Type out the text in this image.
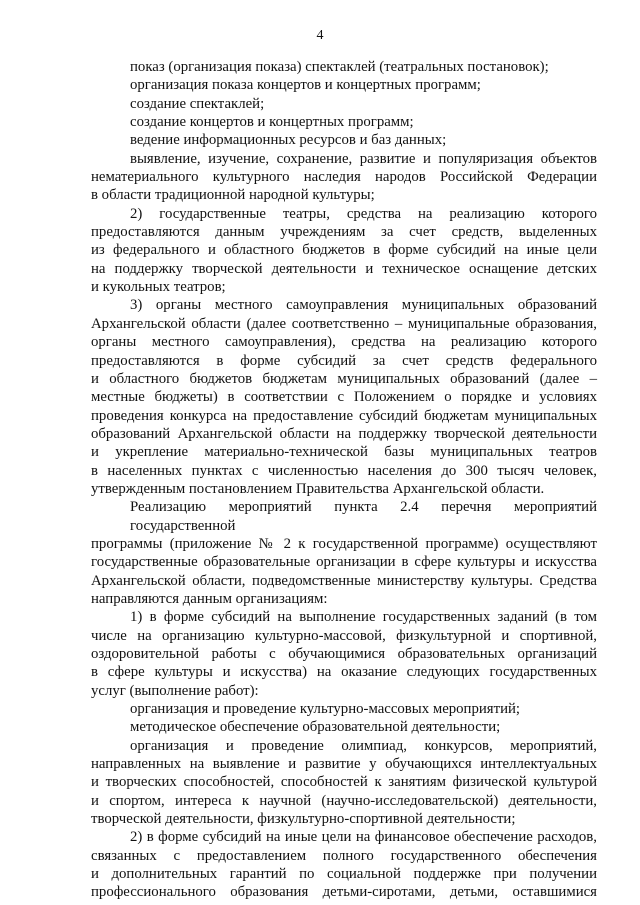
4
показ (организация показа) спектаклей (театральных постановок);
организация показа концертов и концертных программ;
создание спектаклей;
создание концертов и концертных программ;
ведение информационных ресурсов и баз данных;
выявление, изучение, сохранение, развитие и популяризация объектов
нематериального культурного наследия народов Российской Федерации
в области традиционной народной культуры;
2) государственные театры, средства на реализацию которого
предоставляются данным учреждениям за счет средств, выделенных
из федерального и областного бюджетов в форме субсидий на иные цели
на поддержку творческой деятельности и техническое оснащение детских
и кукольных театров;
3) органы местного самоуправления муниципальных образований
Архангельской области (далее соответственно – муниципальные образования,
органы местного самоуправления), средства на реализацию которого
предоставляются в форме субсидий за счет средств федерального
и областного бюджетов бюджетам муниципальных образований (далее –
местные бюджеты) в соответствии с Положением о порядке и условиях
проведения конкурса на предоставление субсидий бюджетам муниципальных
образований Архангельской области на поддержку творческой деятельности
и укрепление материально-технической базы муниципальных театров
в населенных пунктах с численностью населения до 300 тысяч человек,
утвержденным постановлением Правительства Архангельской области.
Реализацию мероприятий пункта 2.4 перечня мероприятий государственной
программы (приложение № 2 к государственной программе) осуществляют
государственные образовательные организации в сфере культуры и искусства
Архангельской области, подведомственные министерству культуры. Средства
направляются данным организациям:
1) в форме субсидий на выполнение государственных заданий (в том
числе на организацию культурно-массовой, физкультурной и спортивной,
оздоровительной работы с обучающимися образовательных организаций
в сфере культуры и искусства) на оказание следующих государственных
услуг (выполнение работ):
организация и проведение культурно-массовых мероприятий;
методическое обеспечение образовательной деятельности;
организация и проведение олимпиад, конкурсов, мероприятий,
направленных на выявление и развитие у обучающихся интеллектуальных
и творческих способностей, способностей к занятиям физической культурой
и спортом, интереса к научной (научно-исследовательской) деятельности,
творческой деятельности, физкультурно-спортивной деятельности;
2) в форме субсидий на иные цели на финансовое обеспечение расходов,
связанных с предоставлением полного государственного обеспечения
и дополнительных гарантий по социальной поддержке при получении
профессионального образования детьми-сиротами, детьми, оставшимися
